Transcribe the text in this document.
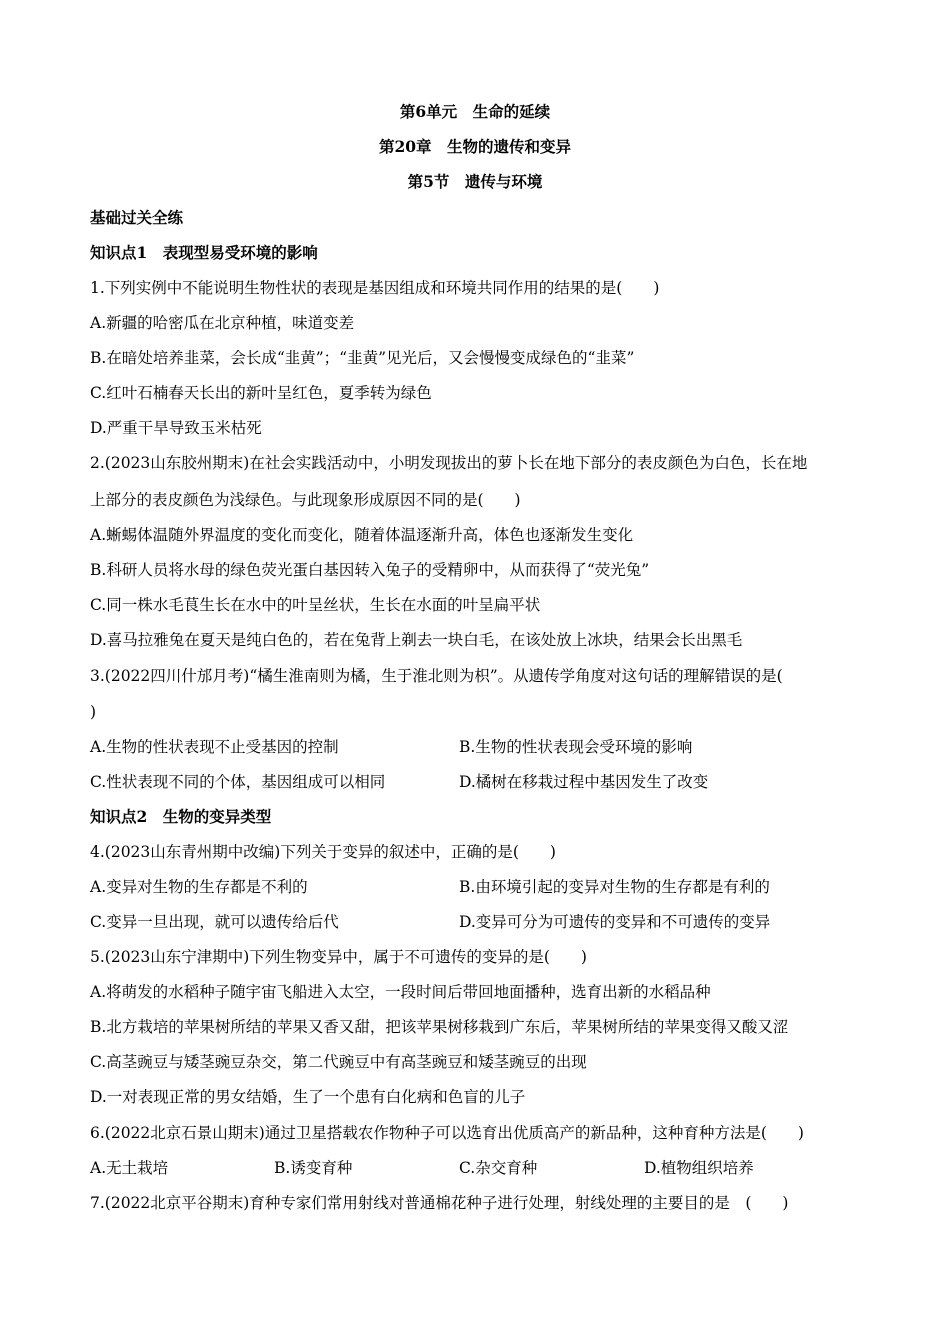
第6单元　生命的延续
第20章　生物的遗传和变异
第5节　遗传与环境
基础过关全练
知识点1　表现型易受环境的影响
1.下列实例中不能说明生物性状的表现是基因组成和环境共同作用的结果的是(　　)
A.新疆的哈密瓜在北京种植，味道变差
B.在暗处培养韭菜，会长成“韭黄”；“韭黄”见光后，又会慢慢变成绿色的“韭菜”
C.红叶石楠春天长出的新叶呈红色，夏季转为绿色
D.严重干旱导致玉米枯死
2.(2023山东胶州期末)在社会实践活动中，小明发现拔出的萝卜长在地下部分的表皮颜色为白色，长在地
上部分的表皮颜色为浅绿色。与此现象形成原因不同的是(　　)
A.蜥蜴体温随外界温度的变化而变化，随着体温逐渐升高，体色也逐渐发生变化
B.科研人员将水母的绿色荧光蛋白基因转入兔子的受精卵中，从而获得了“荧光兔”
C.同一株水毛茛生长在水中的叶呈丝状，生长在水面的叶呈扁平状
D.喜马拉雅兔在夏天是纯白色的，若在兔背上剃去一块白毛，在该处放上冰块，结果会长出黑毛
3.(2022四川什邡月考)“橘生淮南则为橘，生于淮北则为枳”。从遗传学角度对这句话的理解错误的是(
)
A.生物的性状表现不止受基因的控制	B.生物的性状表现会受环境的影响
C.性状表现不同的个体，基因组成可以相同	D.橘树在移栽过程中基因发生了改变
知识点2　生物的变异类型
4.(2023山东青州期中改编)下列关于变异的叙述中，正确的是(　　)
A.变异对生物的生存都是不利的	B.由环境引起的变异对生物的生存都是有利的
C.变异一旦出现，就可以遗传给后代	D.变异可分为可遗传的变异和不可遗传的变异
5.(2023山东宁津期中)下列生物变异中，属于不可遗传的变异的是(　　)
A.将萌发的水稻种子随宇宙飞船进入太空，一段时间后带回地面播种，选育出新的水稻品种
B.北方栽培的苹果树所结的苹果又香又甜，把该苹果树移栽到广东后，苹果树所结的苹果变得又酸又涩
C.高茎豌豆与矮茎豌豆杂交，第二代豌豆中有高茎豌豆和矮茎豌豆的出现
D.一对表现正常的男女结婚，生了一个患有白化病和色盲的儿子
6.(2022北京石景山期末)通过卫星搭载农作物种子可以选育出优质高产的新品种，这种育种方法是(　　)
A.无土栽培	B.诱变育种	C.杂交育种	D.植物组织培养
7.(2022北京平谷期末)育种专家们常用射线对普通棉花种子进行处理，射线处理的主要目的是　(　　)
